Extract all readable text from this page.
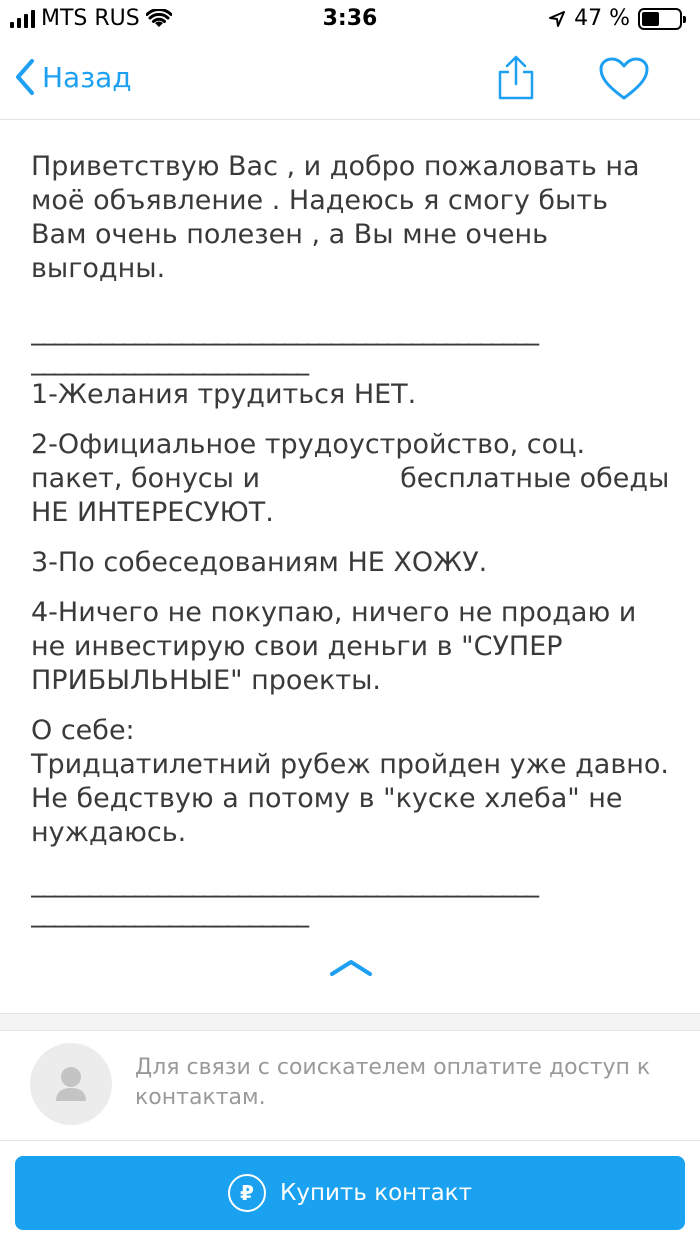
MTS RUS	3:36	47 %
Назад

Приветствую Вас , и добро пожаловать на моё объявление . Надеюсь я смогу быть Вам очень полезен , а Вы мне очень выгодны.

____________________________________________
________________________

1-Желания трудиться НЕТ.

2-Официальное трудоустройство, соц. пакет, бонусы и	бесплатные обеды НЕ ИНТЕРЕСУЮТ.

3-По собеседованиям НЕ ХОЖУ.

4-Ничего не покупаю, ничего не продаю и не инвестирую свои деньги в "СУПЕР ПРИБЫЛЬНЫЕ" проекты.

О себе:

Тридцатилетний рубеж пройден уже давно. Не бедствую а потому в "куске хлеба" не нуждаюсь.

____________________________________________
________________________
Для связи с соискателем оплатите доступ к контактам.
₽	Купить контакт
